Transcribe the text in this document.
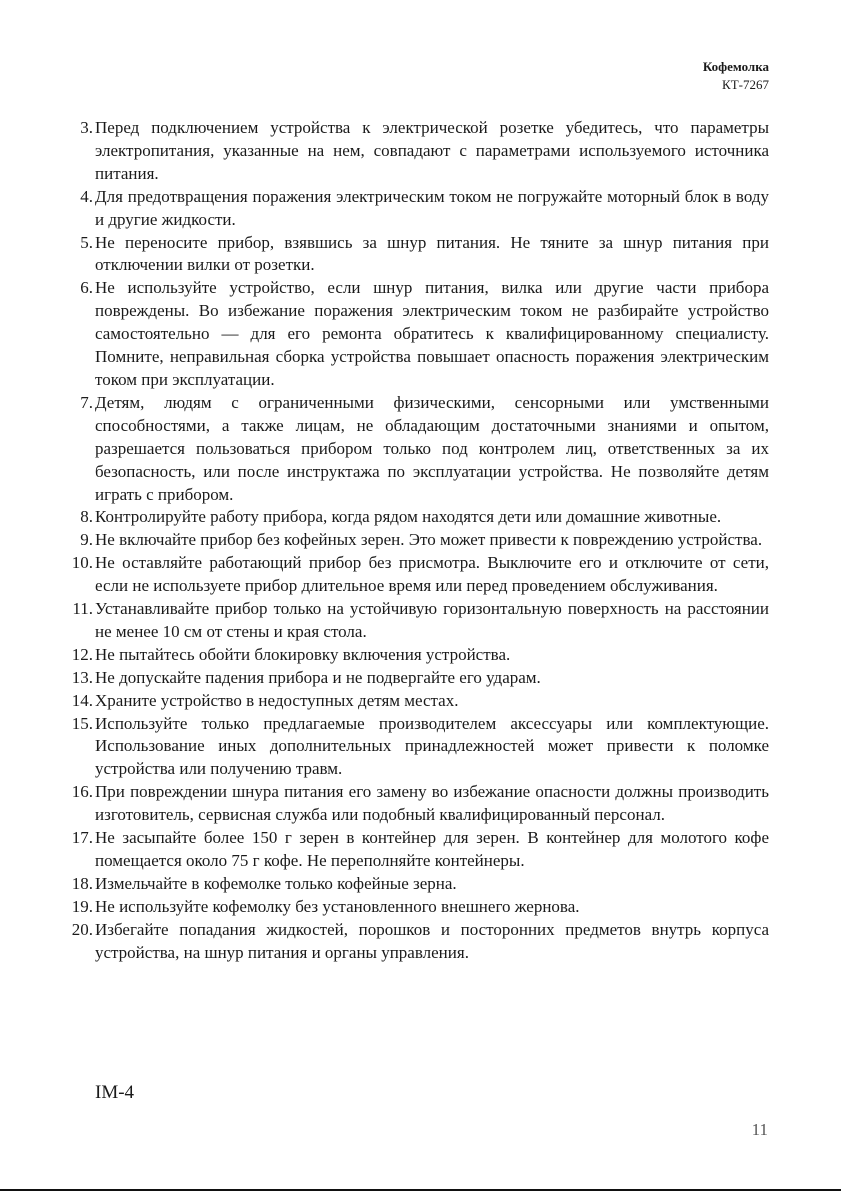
Кофемолка
КТ-7267
3. Перед подключением устройства к электрической розетке убедитесь, что параметры электропитания, указанные на нем, совпадают с параметрами используемого источника питания.
4. Для предотвращения поражения электрическим током не погружайте моторный блок в воду и другие жидкости.
5. Не переносите прибор, взявшись за шнур питания. Не тяните за шнур питания при отключении вилки от розетки.
6. Не используйте устройство, если шнур питания, вилка или другие части прибора повреждены. Во избежание поражения электрическим током не разбирайте устройство самостоятельно — для его ремонта обратитесь к квалифицированному специалисту. Помните, неправильная сборка устройства повышает опасность поражения электрическим током при эксплуатации.
7. Детям, людям с ограниченными физическими, сенсорными или умственными способностями, а также лицам, не обладающим достаточными знаниями и опытом, разрешается пользоваться прибором только под контролем лиц, ответственных за их безопасность, или после инструктажа по эксплуатации устройства. Не позволяйте детям играть с прибором.
8. Контролируйте работу прибора, когда рядом находятся дети или домашние животные.
9. Не включайте прибор без кофейных зерен. Это может привести к повреждению устройства.
10. Не оставляйте работающий прибор без присмотра. Выключите его и отключите от сети, если не используете прибор длительное время или перед проведением обслуживания.
11. Устанавливайте прибор только на устойчивую горизонтальную поверхность на расстоянии не менее 10 см от стены и края стола.
12. Не пытайтесь обойти блокировку включения устройства.
13. Не допускайте падения прибора и не подвергайте его ударам.
14. Храните устройство в недоступных детям местах.
15. Используйте только предлагаемые производителем аксессуары или комплектующие. Использование иных дополнительных принадлежностей может привести к поломке устройства или получению травм.
16. При повреждении шнура питания его замену во избежание опасности должны производить изготовитель, сервисная служба или подобный квалифицированный персонал.
17. Не засыпайте более 150 г зерен в контейнер для зерен. В контейнер для молотого кофе помещается около 75 г кофе. Не переполняйте контейнеры.
18. Измельчайте в кофемолке только кофейные зерна.
19. Не используйте кофемолку без установленного внешнего жернова.
20. Избегайте попадания жидкостей, порошков и посторонних предметов внутрь корпуса устройства, на шнур питания и органы управления.
IM-4
11
